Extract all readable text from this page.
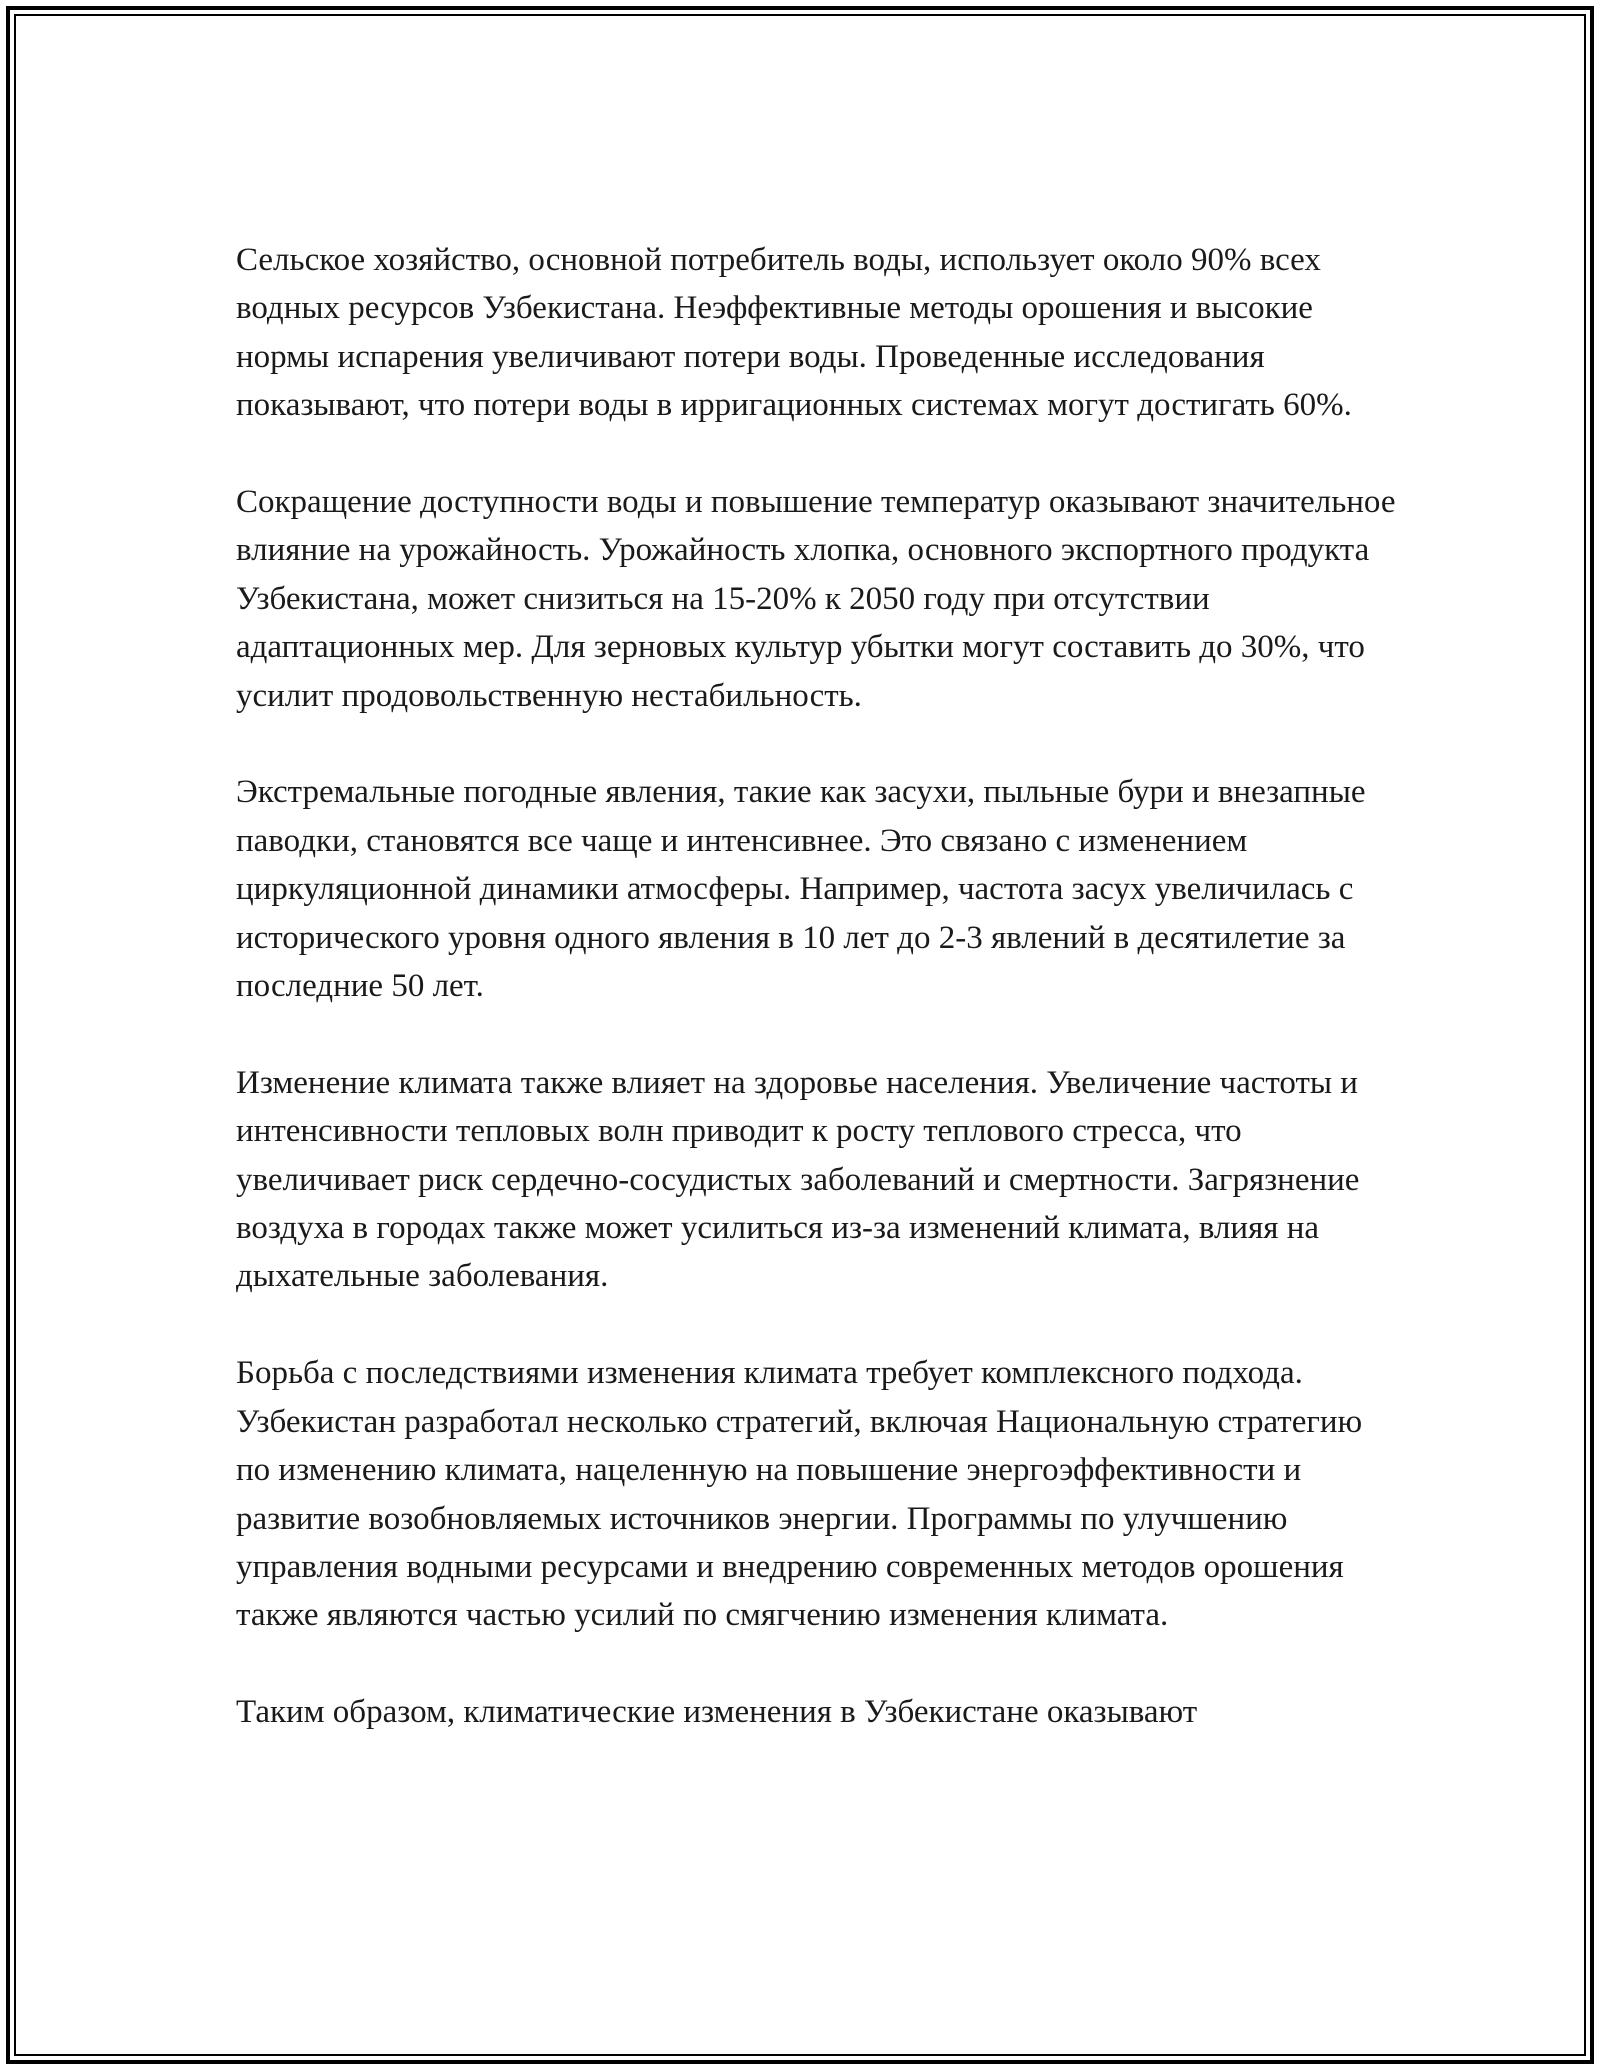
Сельское хозяйство, основной потребитель воды, использует около 90% всех водных ресурсов Узбекистана. Неэффективные методы орошения и высокие нормы испарения увеличивают потери воды. Проведенные исследования показывают, что потери воды в ирригационных системах могут достигать 60%.

Сокращение доступности воды и повышение температур оказывают значительное влияние на урожайность. Урожайность хлопка, основного экспортного продукта Узбекистана, может снизиться на 15-20% к 2050 году при отсутствии адаптационных мер. Для зерновых культур убытки могут составить до 30%, что усилит продовольственную нестабильность.

Экстремальные погодные явления, такие как засухи, пыльные бури и внезапные паводки, становятся все чаще и интенсивнее. Это связано с изменением циркуляционной динамики атмосферы. Например, частота засух увеличилась с исторического уровня одного явления в 10 лет до 2-3 явлений в десятилетие за последние 50 лет.

Изменение климата также влияет на здоровье населения. Увеличение частоты и интенсивности тепловых волн приводит к росту теплового стресса, что увеличивает риск сердечно-сосудистых заболеваний и смертности. Загрязнение воздуха в городах также может усилиться из-за изменений климата, влияя на дыхательные заболевания.

Борьба с последствиями изменения климата требует комплексного подхода. Узбекистан разработал несколько стратегий, включая Национальную стратегию по изменению климата, нацеленную на повышение энергоэффективности и развитие возобновляемых источников энергии. Программы по улучшению управления водными ресурсами и внедрению современных методов орошения также являются частью усилий по смягчению изменения климата.

Таким образом, климатические изменения в Узбекистане оказывают
